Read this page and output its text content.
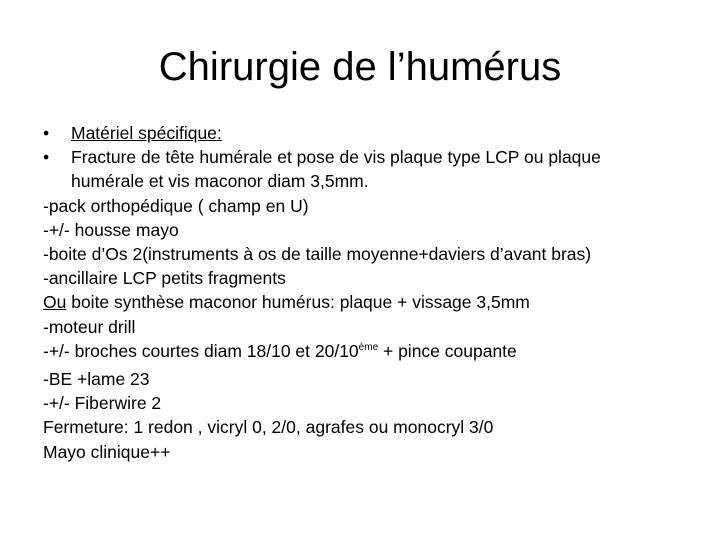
Chirurgie de l’humérus
• Matériel spécifique:
• Fracture de tête humérale et pose de vis plaque type LCP ou plaque
humérale et vis maconor diam 3,5mm.
-pack orthopédique ( champ en U)
-+/- housse mayo
-boite d’Os 2(instruments à os de taille moyenne+daviers d’avant bras)
-ancillaire LCP petits fragments
Ou boite synthèse maconor humérus: plaque + vissage 3,5mm
-moteur drill
-+/- broches courtes diam 18/10 et 20/10ème + pince coupante
-BE +lame 23
-+/- Fiberwire 2
Fermeture: 1 redon , vicryl 0, 2/0, agrafes ou monocryl 3/0
Mayo clinique++
